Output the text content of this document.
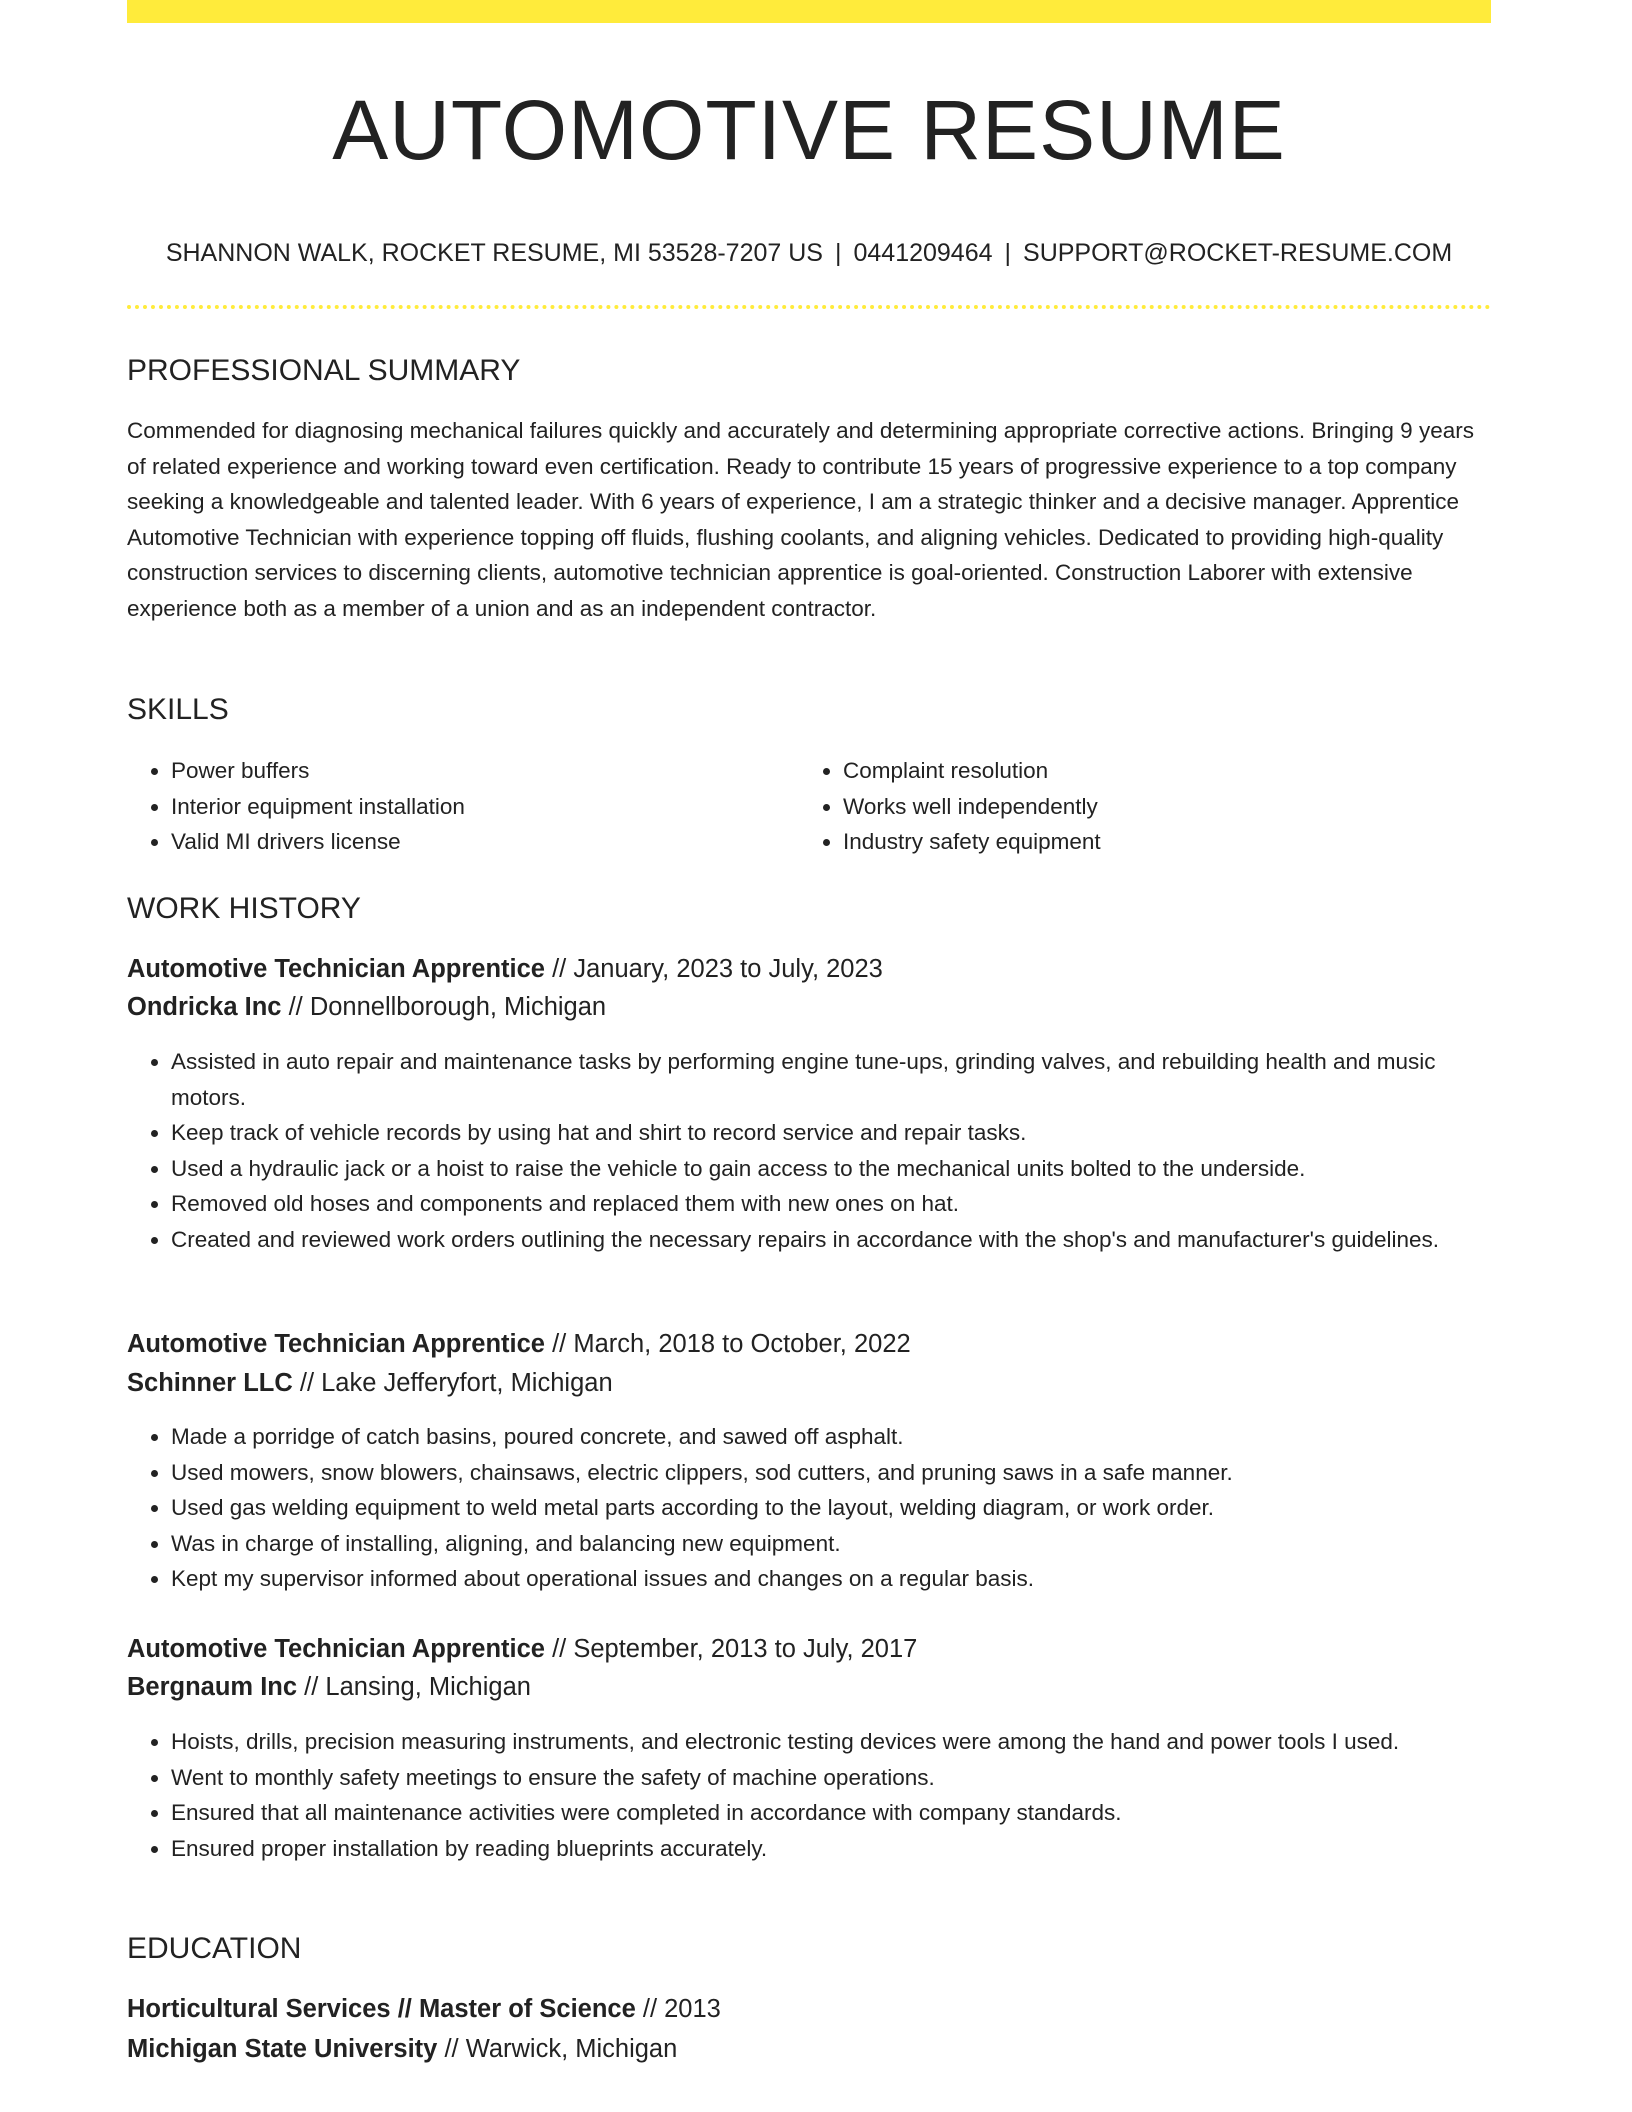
AUTOMOTIVE RESUME
SHANNON WALK, ROCKET RESUME, MI 53528-7207 US | 0441209464 | SUPPORT@ROCKET-RESUME.COM
PROFESSIONAL SUMMARY

Commended for diagnosing mechanical failures quickly and accurately and determining appropriate corrective actions. Bringing 9 years of related experience and working toward even certification. Ready to contribute 15 years of progressive experience to a top company seeking a knowledgeable and talented leader. With 6 years of experience, I am a strategic thinker and a decisive manager. Apprentice Automotive Technician with experience topping off fluids, flushing coolants, and aligning vehicles. Dedicated to providing high-quality construction services to discerning clients, automotive technician apprentice is goal-oriented. Construction Laborer with extensive experience both as a member of a union and as an independent contractor.

SKILLS
• Power buffers
• Interior equipment installation
• Valid MI drivers license
• Complaint resolution
• Works well independently
• Industry safety equipment
WORK HISTORY
Automotive Technician Apprentice // January, 2023 to July, 2023
Ondricka Inc // Donnellborough, Michigan
• Assisted in auto repair and maintenance tasks by performing engine tune-ups, grinding valves, and rebuilding health and music motors.
• Keep track of vehicle records by using hat and shirt to record service and repair tasks.
• Used a hydraulic jack or a hoist to raise the vehicle to gain access to the mechanical units bolted to the underside.
• Removed old hoses and components and replaced them with new ones on hat.
• Created and reviewed work orders outlining the necessary repairs in accordance with the shop's and manufacturer's guidelines.
Automotive Technician Apprentice // March, 2018 to October, 2022
Schinner LLC // Lake Jefferyfort, Michigan
• Made a porridge of catch basins, poured concrete, and sawed off asphalt.
• Used mowers, snow blowers, chainsaws, electric clippers, sod cutters, and pruning saws in a safe manner.
• Used gas welding equipment to weld metal parts according to the layout, welding diagram, or work order.
• Was in charge of installing, aligning, and balancing new equipment.
• Kept my supervisor informed about operational issues and changes on a regular basis.
Automotive Technician Apprentice // September, 2013 to July, 2017
Bergnaum Inc // Lansing, Michigan
• Hoists, drills, precision measuring instruments, and electronic testing devices were among the hand and power tools I used.
• Went to monthly safety meetings to ensure the safety of machine operations.
• Ensured that all maintenance activities were completed in accordance with company standards.
• Ensured proper installation by reading blueprints accurately.
EDUCATION
Horticultural Services // Master of Science // 2013
Michigan State University // Warwick, Michigan
